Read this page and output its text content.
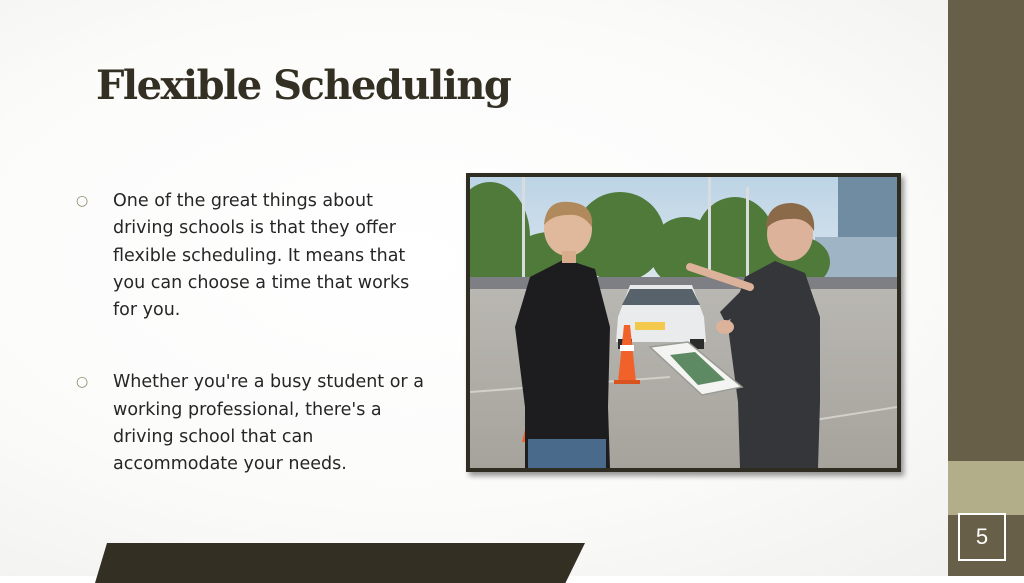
Flexible Scheduling
○ One of the great things about driving schools is that they offer flexible scheduling. It means that you can choose a time that works for you.
○ Whether you're a busy student or a working professional, there's a driving school that can accommodate your needs.
5
